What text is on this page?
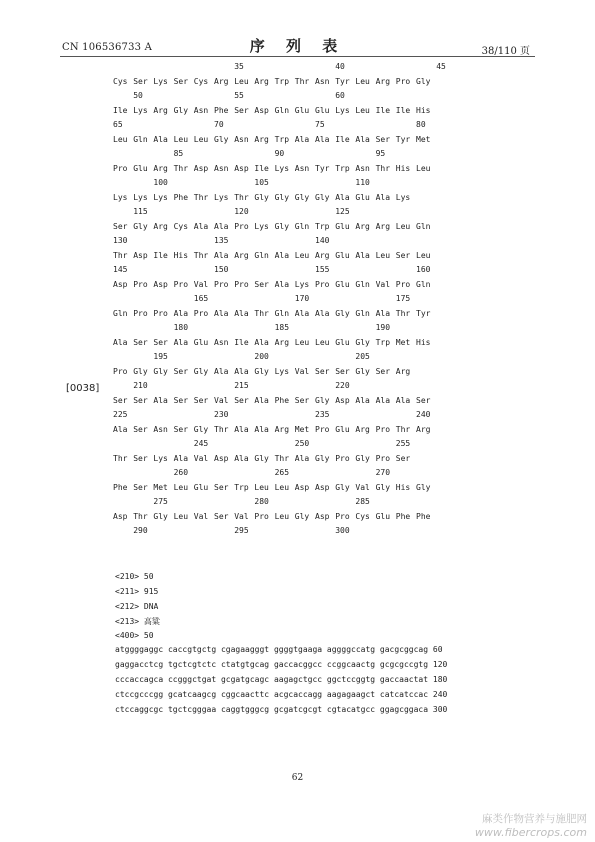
CN 106536733 A	序 列 表	38/110 页
35	40	45
Cys Ser Lys Ser Cys Arg Leu Arg Trp Thr Asn Tyr Leu Arg Pro Gly
50	55	60
Ile Lys Arg Gly Asn Phe Ser Asp Gln Glu Glu Lys Leu Ile Ile His
65	70	75	80
Leu Gln Ala Leu Leu Gly Asn Arg Trp Ala Ala Ile Ala Ser Tyr Met
85	90	95
Pro Glu Arg Thr Asp Asn Asp Ile Lys Asn Tyr Trp Asn Thr His Leu
100	105	110
Lys Lys Lys Phe Thr Lys Thr Gly Gly Gly Gly Ala Glu Ala Lys
115	120	125
Ser Gly Arg Cys Ala Ala Pro Lys Gly Gln Trp Glu Arg Arg Leu Gln
130	135	140
Thr Asp Ile His Thr Ala Arg Gln Ala Leu Arg Glu Ala Leu Ser Leu
145	150	155	160
Asp Pro Asp Pro Val Pro Pro Ser Ala Lys Pro Glu Gln Val Pro Gln
165	170	175
Gln Pro Pro Ala Pro Ala Ala Thr Gln Ala Ala Gly Gln Ala Thr Tyr
180	185	190
Ala Ser Ser Ala Glu Asn Ile Ala Arg Leu Leu Glu Gly Trp Met His
195	200	205
Pro Gly Gly Ser Gly Ala Ala Gly Lys Val Ser Ser Gly Ser Arg
210	215	220
Ser Ser Ala Ser Ser Val Ser Ala Phe Ser Gly Asp Ala Ala Ala Ser
225	230	235	240
Ala Ser Asn Ser Gly Thr Ala Ala Arg Met Pro Glu Arg Pro Thr Arg
245	250	255
Thr Ser Lys Ala Val Asp Ala Gly Thr Ala Gly Pro Gly Pro Ser
260	265	270
Phe Ser Met Leu Glu Ser Trp Leu Leu Asp Asp Gly Val Gly His Gly
275	280	285
Asp Thr Gly Leu Val Ser Val Pro Leu Gly Asp Pro Cys Glu Phe Phe
290	295	300
[0038]
<210> 50
<211> 915
<212> DNA
<213> 高粱
<400> 50
atggggaggc caccgtgctg cgagaagggt ggggtgaaga aggggccatg gacgcggcag 60
gaggacctcg tgctcgtctc ctatgtgcag gaccacggcc ccggcaactg gcgcgccgtg 120
cccaccagca ccgggctgat gcgatgcagc aagagctgcc ggctccggtg gaccaactat 180
ctccgcccgg gcatcaagcg cggcaacttc acgcaccagg aagagaagct catcatccac 240
ctccaggcgc tgctcgggaa caggtgggcg gcgatcgcgt cgtacatgcc ggagcggaca 300
62
麻类作物营养与施肥网
www.fibercrops.com
